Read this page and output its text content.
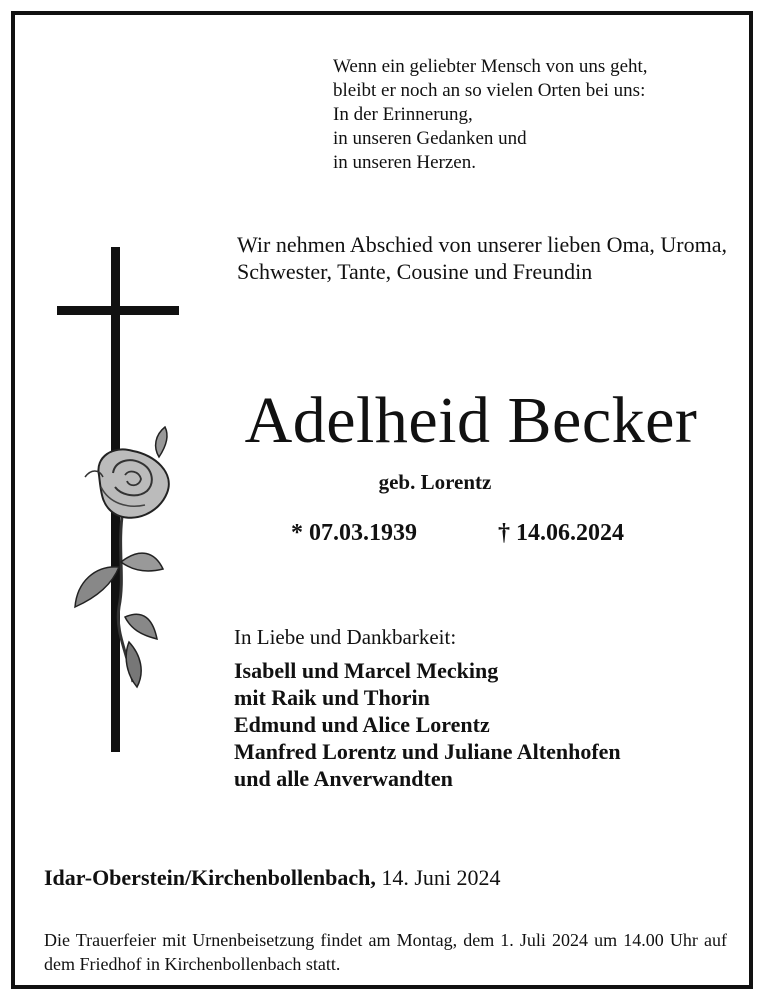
Wenn ein geliebter Mensch von uns geht,
bleibt er noch an so vielen Orten bei uns:
In der Erinnerung,
in unseren Gedanken und
in unseren Herzen.
Wir nehmen Abschied von unserer lieben Oma, Uroma, Schwester, Tante, Cousine und Freundin
Adelheid Becker
geb. Lorentz
* 07.03.1939	† 14.06.2024
In Liebe und Dankbarkeit:
Isabell und Marcel Mecking
mit Raik und Thorin
Edmund und Alice Lorentz
Manfred Lorentz und Juliane Altenhofen
und alle Anverwandten
Idar-Oberstein/Kirchenbollenbach, 14. Juni 2024
Die Trauerfeier mit Urnenbeisetzung findet am Montag, dem 1. Juli 2024 um 14.00 Uhr auf dem Friedhof in Kirchenbollenbach statt.
